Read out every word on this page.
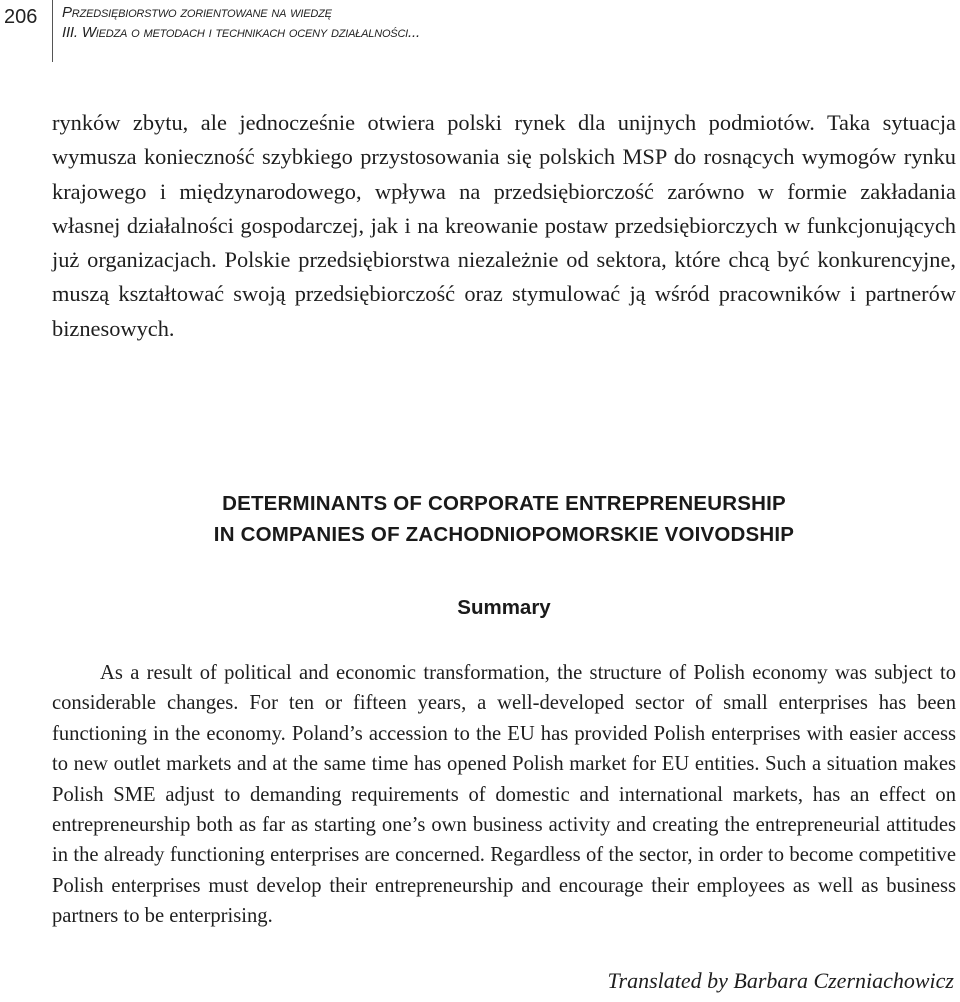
206 Przedsiębiorstwo zorientowane na wiedzę
III. Wiedza o metodach i technikach oceny działalności...

rynków zbytu, ale jednocześnie otwiera polski rynek dla unijnych podmiotów. Taka sytuacja wymusza konieczność szybkiego przystosowania się polskich MSP do rosnących wymogów rynku krajowego i międzynarodowego, wpływa na przedsiębiorczość zarówno w formie zakładania własnej działalności gospodarczej, jak i na kreowanie postaw przedsiębiorczych w funkcjonujących już organizacjach. Polskie przedsiębiorstwa niezależnie od sektora, które chcą być konkurencyjne, muszą kształtować swoją przedsiębiorczość oraz stymulować ją wśród pracowników i partnerów biznesowych.

DETERMINANTS OF CORPORATE ENTREPRENEURSHIP
IN COMPANIES OF ZACHODNIOPOMORSKIE VOIVODSHIP
Summary

As a result of political and economic transformation, the structure of Polish economy was subject to considerable changes. For ten or fifteen years, a well-developed sector of small enterprises has been functioning in the economy. Poland’s accession to the EU has provided Polish enterprises with easier access to new outlet markets and at the same time has opened Polish market for EU entities. Such a situation makes Polish SME adjust to demanding requirements of domestic and international markets, has an effect on entrepreneurship both as far as starting one’s own business activity and creating the entrepreneurial attitudes in the already functioning enterprises are concerned. Regardless of the sector, in order to become competitive Polish enterprises must develop their entrepreneurship and encourage their employees as well as business partners to be enterprising.

Translated by Barbara Czerniachowicz
